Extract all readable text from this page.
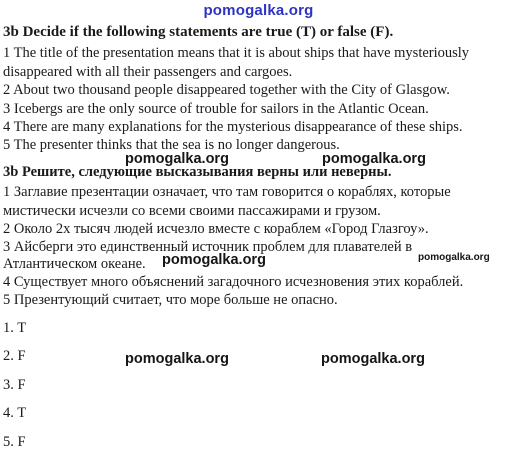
pomogalka.org
3b Decide if the following statements are true (T) or false (F).
1 The title of the presentation means that it is about ships that have mysteriously
disappeared with all their passengers and cargoes.
2 About two thousand people disappeared together with the City of Glasgow.
3 Icebergs are the only source of trouble for sailors in the Atlantic Ocean.
4 There are many explanations for the mysterious disappearance of these ships.
5 The presenter thinks that the sea is no longer dangerous.
pomogalka.org	pomogalka.org
3b Решите, следующие высказывания верны или неверны.
1 Заглавие презентации означает, что там говорится о кораблях, которые
мистически исчезли со всеми своими пассажирами и грузом.
2 Около 2х тысяч людей исчезло вместе с кораблем «Город Глазгоу».
3 Айсберги это единственный источник проблем для плавателей в
pomogalka.org	pomogalka.org
Атлантическом океане.
4 Существует много объяснений загадочного исчезновения этих кораблей.
5 Презентующий считает, что море больше не опасно.
1. T
2. F	pomogalka.org	pomogalka.org
3. F
4. T
5. F
